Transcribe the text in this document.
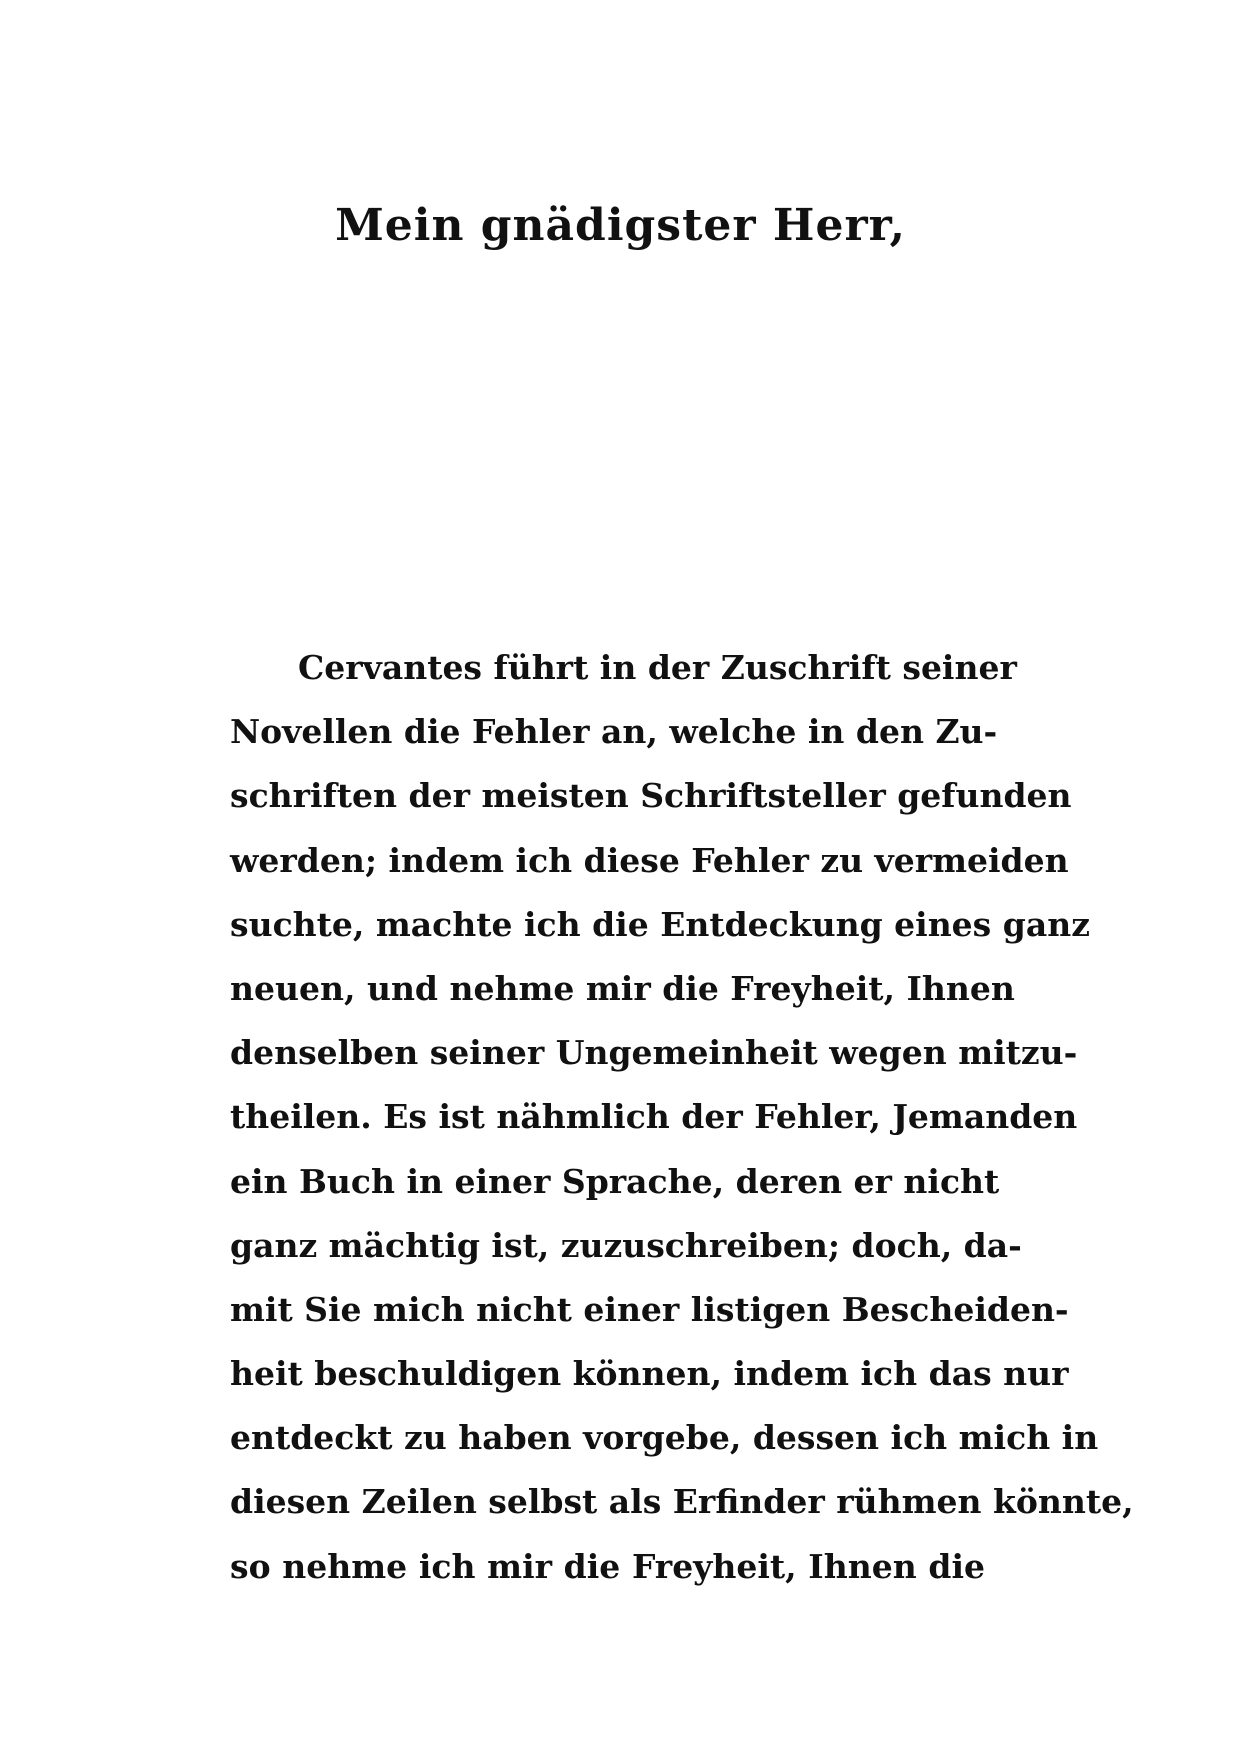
Mein gnädigster Herr,
Cervantes führt in der Zuschrift seiner
Novellen die Fehler an, welche in den Zu-
schriften der meisten Schriftsteller gefunden
werden; indem ich diese Fehler zu vermeiden
suchte, machte ich die Entdeckung eines ganz
neuen, und nehme mir die Freyheit, Ihnen
denselben seiner Ungemeinheit wegen mitzu-
theilen. Es ist nähmlich der Fehler, Jemanden
ein Buch in einer Sprache, deren er nicht
ganz mächtig ist, zuzuschreiben; doch, da-
mit Sie mich nicht einer listigen Bescheiden-
heit beschuldigen können, indem ich das nur
entdeckt zu haben vorgebe, dessen ich mich in
diesen Zeilen selbst als Erfinder rühmen könnte,
so nehme ich mir die Freyheit, Ihnen die
